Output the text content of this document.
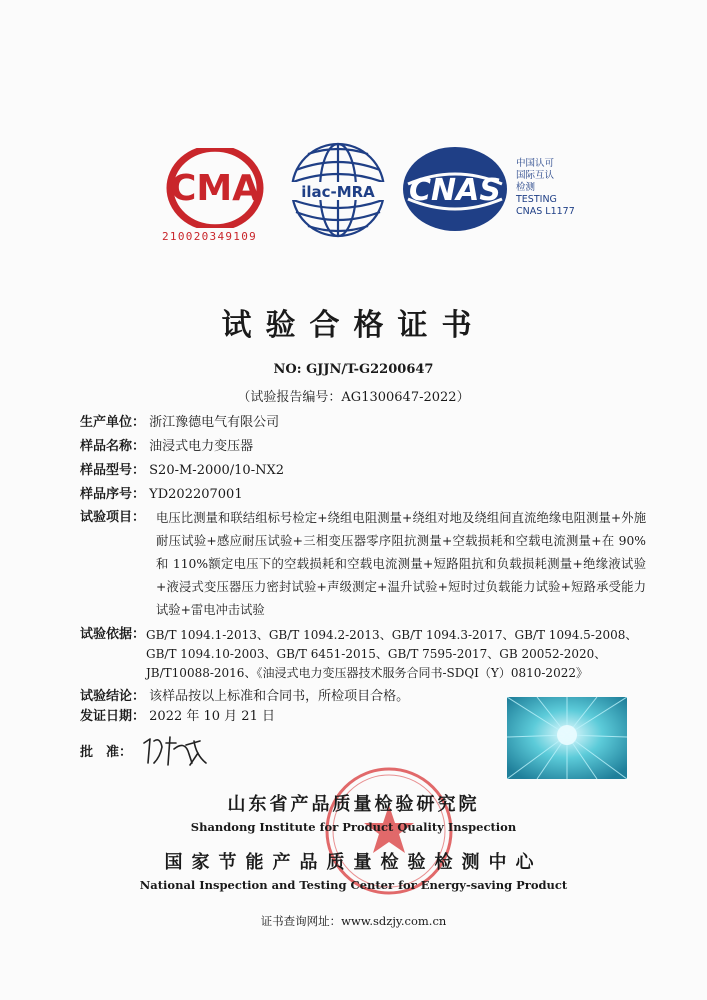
CMA
210020349109
ilac-MRA CNAS
中国认可
国际互认
检测
TESTING
CNAS L1177
试验合格证书
NO: GJJN/T-G2200647
（试验报告编号：AG1300647-2022）
生产单位： 浙江豫德电气有限公司
样品名称： 油浸式电力变压器
样品型号： S20-M-2000/10-NX2
样品序号： YD202207001
试验项目： 电压比测量和联结组标号检定+绕组电阻测量+绕组对地及绕组间直流绝缘电阻测量+外施耐压试验+感应耐压试验+三相变压器零序阻抗测量+空载损耗和空载电流测量+在 90%和 110%额定电压下的空载损耗和空载电流测量+短路阻抗和负载损耗测量+绝缘液试验+液浸式变压器压力密封试验+声级测定+温升试验+短时过负载能力试验+短路承受能力试验+雷电冲击试验
试验依据： GB/T 1094.1-2013、GB/T 1094.2-2013、GB/T 1094.3-2017、GB/T 1094.5-2008、GB/T 1094.10-2003、GB/T 6451-2015、GB/T 7595-2017、GB 20052-2020、JB/T10088-2016、《油浸式电力变压器技术服务合同书-SDQI（Y）0810-2022》
试验结论： 该样品按以上标准和合同书，所检项目合格。
发证日期： 2022 年 10 月 21 日
批　准：
山东省产品质量检验研究院
Shandong Institute for Product Quality Inspection
国家节能产品质量检验检测中心
National Inspection and Testing Center for Energy-saving Product
证书查询网址：www.sdzjy.com.cn
